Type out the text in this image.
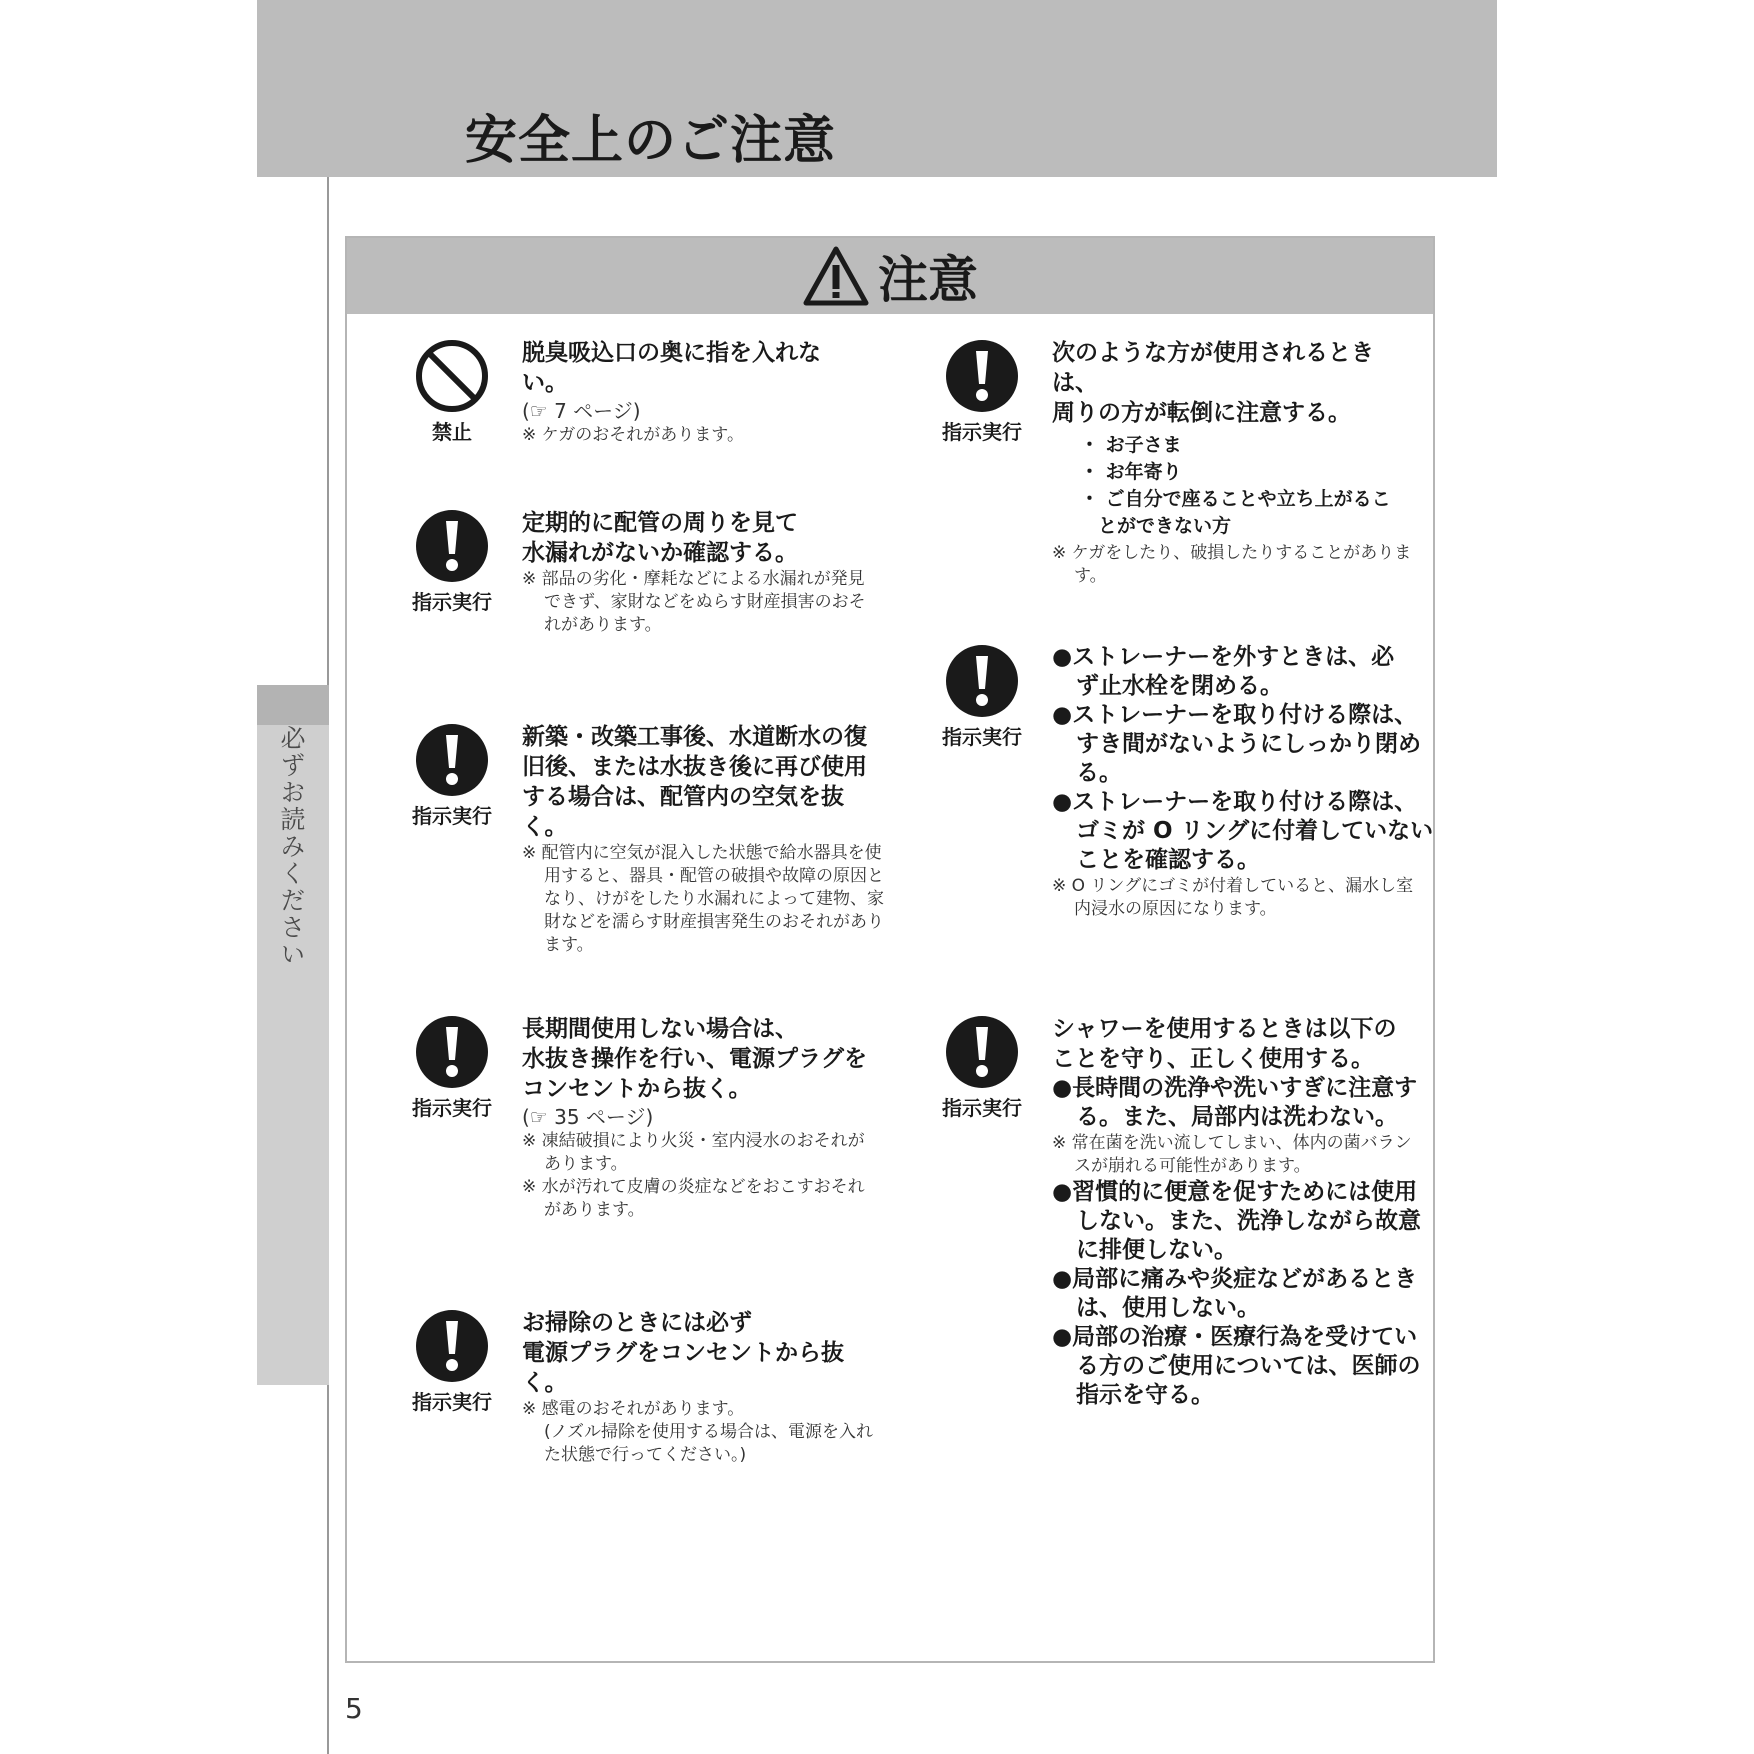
安全上のご注意

必ずお読みください

注意
禁止

脱臭吸込口の奥に指を入れない。

(☞ 7 ページ)

※ ケガのおそれがあります。

指示実行

定期的に配管の周りを見て

水漏れがないか確認する。

※ 部品の劣化・摩耗などによる水漏れが発見できず、家財などをぬらす財産損害のおそれがあります。

指示実行

新築・改築工事後、水道断水の復

旧後、または水抜き後に再び使用

する場合は、配管内の空気を抜く。

※ 配管内に空気が混入した状態で給水器具を使用すると、器具・配管の破損や故障の原因となり、けがをしたり水漏れによって建物、家財などを濡らす財産損害発生のおそれがあります。

指示実行

長期間使用しない場合は、

水抜き操作を行い、電源プラグを

コンセントから抜く。

(☞ 35 ページ)

※ 凍結破損により火災・室内浸水のおそれがあります。

※ 水が汚れて皮膚の炎症などをおこすおそれがあります。

指示実行

お掃除のときには必ず

電源プラグをコンセントから抜く。

※ 感電のおそれがあります。

(ノズル掃除を使用する場合は、電源を入れた状態で行ってください。)

指示実行

次のような方が使用されるときは、

周りの方が転倒に注意する。

・ お子さま
・ お年寄り
・ ご自分で座ることや立ち上がることができない方

※ ケガをしたり、破損したりすることがあります。

指示実行

●ストレーナーを外すときは、必ず止水栓を閉める。

●ストレーナーを取り付ける際は、すき間がないようにしっかり閉める。

●ストレーナーを取り付ける際は、ゴミが O リングに付着していないことを確認する。

※ O リングにゴミが付着していると、漏水し室内浸水の原因になります。

指示実行

シャワーを使用するときは以下の

ことを守り、正しく使用する。

●長時間の洗浄や洗いすぎに注意する。また、局部内は洗わない。

※ 常在菌を洗い流してしまい、体内の菌バランスが崩れる可能性があります。

●習慣的に便意を促すためには使用しない。また、洗浄しながら故意に排便しない。

●局部に痛みや炎症などがあるときは、使用しない。

●局部の治療・医療行為を受けている方のご使用については、医師の指示を守る。

5
